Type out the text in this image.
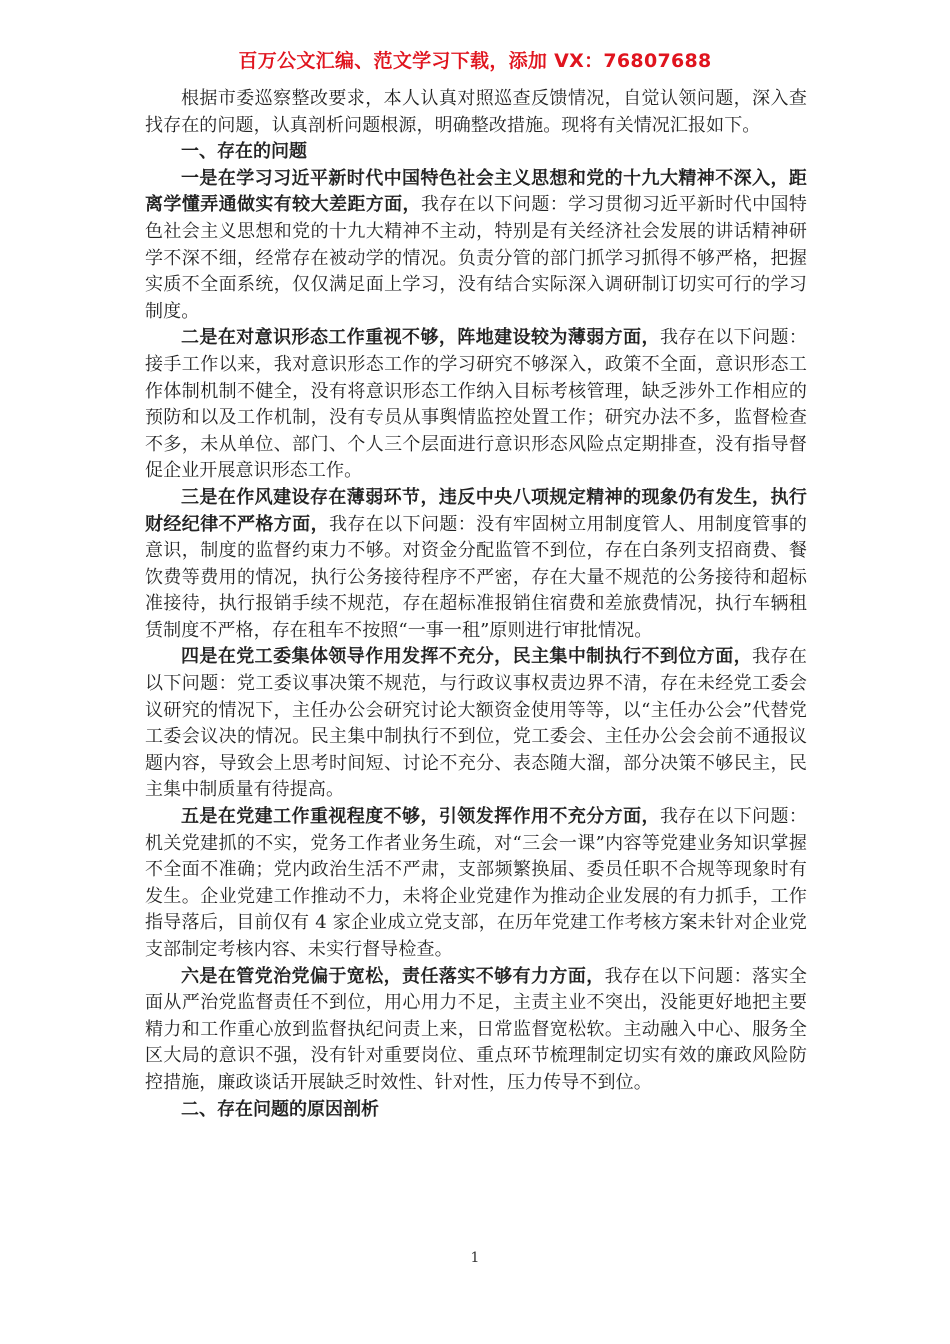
百万公文汇编、范文学习下载，添加 VX：76807688

根据市委巡察整改要求，本人认真对照巡查反馈情况，自觉认领问题，深入查找存在的问题，认真剖析问题根源，明确整改措施。现将有关情况汇报如下。

一、存在的问题

一是在学习习近平新时代中国特色社会主义思想和党的十九大精神不深入，距离学懂弄通做实有较大差距方面，我存在以下问题：学习贯彻习近平新时代中国特色社会主义思想和党的十九大精神不主动，特别是有关经济社会发展的讲话精神研学不深不细，经常存在被动学的情况。负责分管的部门抓学习抓得不够严格，把握实质不全面系统，仅仅满足面上学习，没有结合实际深入调研制订切实可行的学习制度。

二是在对意识形态工作重视不够，阵地建设较为薄弱方面，我存在以下问题：接手工作以来，我对意识形态工作的学习研究不够深入，政策不全面，意识形态工作体制机制不健全，没有将意识形态工作纳入目标考核管理，缺乏涉外工作相应的预防和以及工作机制，没有专员从事舆情监控处置工作；研究办法不多，监督检查不多，未从单位、部门、个人三个层面进行意识形态风险点定期排查，没有指导督促企业开展意识形态工作。

三是在作风建设存在薄弱环节，违反中央八项规定精神的现象仍有发生，执行财经纪律不严格方面，我存在以下问题：没有牢固树立用制度管人、用制度管事的意识，制度的监督约束力不够。对资金分配监管不到位，存在白条列支招商费、餐饮费等费用的情况，执行公务接待程序不严密，存在大量不规范的公务接待和超标准接待，执行报销手续不规范，存在超标准报销住宿费和差旅费情况，执行车辆租赁制度不严格，存在租车不按照“一事一租”原则进行审批情况。

四是在党工委集体领导作用发挥不充分，民主集中制执行不到位方面，我存在以下问题：党工委议事决策不规范，与行政议事权责边界不清，存在未经党工委会议研究的情况下，主任办公会研究讨论大额资金使用等等，以“主任办公会”代替党工委会议决的情况。民主集中制执行不到位，党工委会、主任办公会会前不通报议题内容，导致会上思考时间短、讨论不充分、表态随大溜，部分决策不够民主，民主集中制质量有待提高。

五是在党建工作重视程度不够，引领发挥作用不充分方面，我存在以下问题：机关党建抓的不实，党务工作者业务生疏，对“三会一课”内容等党建业务知识掌握不全面不准确；党内政治生活不严肃，支部频繁换届、委员任职不合规等现象时有发生。企业党建工作推动不力，未将企业党建作为推动企业发展的有力抓手，工作指导落后，目前仅有 4 家企业成立党支部，在历年党建工作考核方案未针对企业党支部制定考核内容、未实行督导检查。

六是在管党治党偏于宽松，责任落实不够有力方面，我存在以下问题：落实全面从严治党监督责任不到位，用心用力不足，主责主业不突出，没能更好地把主要精力和工作重心放到监督执纪问责上来，日常监督宽松软。主动融入中心、服务全区大局的意识不强，没有针对重要岗位、重点环节梳理制定切实有效的廉政风险防控措施，廉政谈话开展缺乏时效性、针对性，压力传导不到位。

二、存在问题的原因剖析

1
